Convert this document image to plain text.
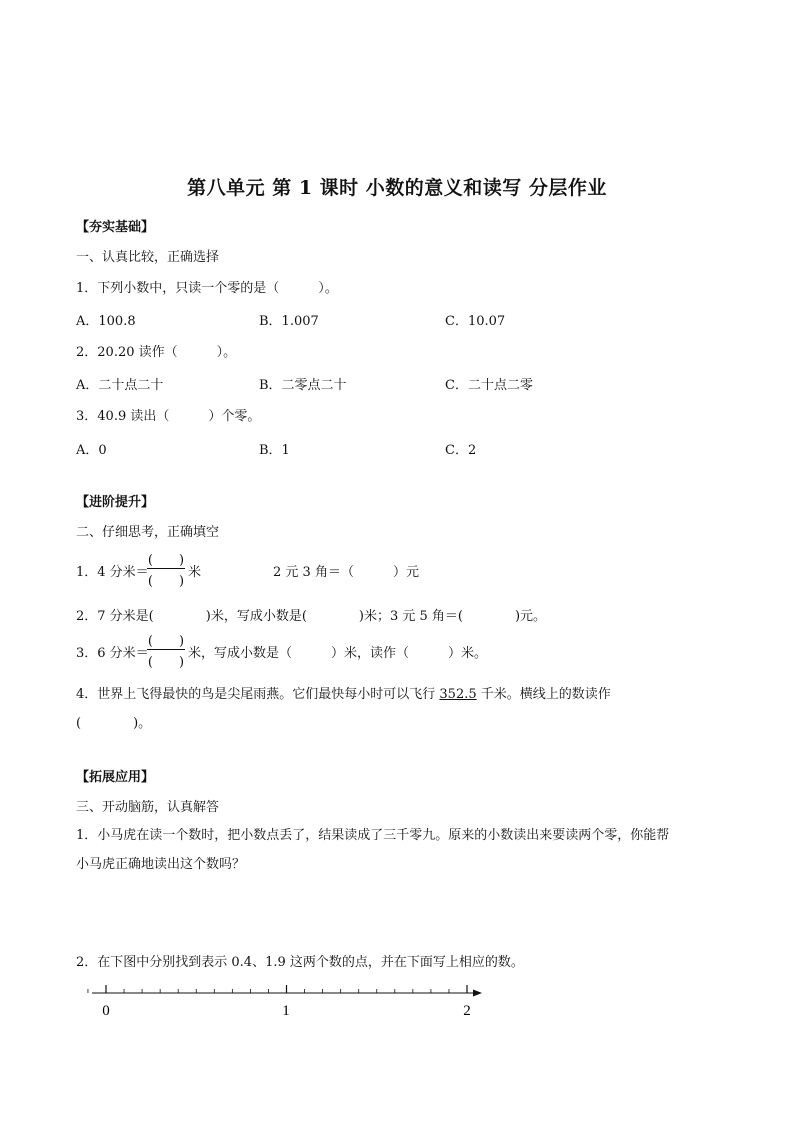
第八单元 第 1 课时 小数的意义和读写 分层作业
【夯实基础】
一、认真比较，正确选择
1．下列小数中，只读一个零的是（　　　）。
A．100.8	B．1.007	C．10.07
2．20.20 读作（　　　）。
A．二十点二十	B．二零点二十	C．二十点二零
3．40.9 读出（　　　）个零。
A．0	B．1	C．2
【进阶提升】
二、仔细思考，正确填空
1．4 分米＝
(　　)
(　　)
米	2 元 3 角＝（　　　）元
2．7 分米是(　　　　)米，写成小数是(　　　　)米；3 元 5 角＝(　　　　)元。
3．6 分米＝
(　　)
(　　)
米，写成小数是（　　　）米，读作（　　　）米。
4．世界上飞得最快的鸟是尖尾雨燕。它们最快每小时可以飞行 352.5 千米。横线上的数读作
(　　　　)。
【拓展应用】
三、开动脑筋，认真解答
1．小马虎在读一个数时，把小数点丢了，结果读成了三千零九。原来的小数读出来要读两个零，你能帮
小马虎正确地读出这个数吗？
2．在下图中分别找到表示 0.4、1.9 这两个数的点，并在下面写上相应的数。
0	1	2
